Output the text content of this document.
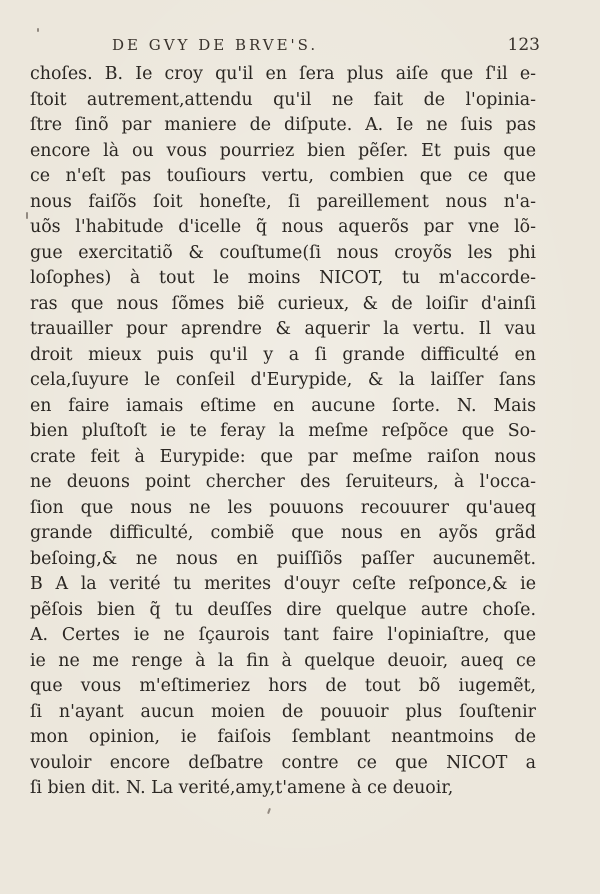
DE GVY DE BRVE'S.	123
choſes. B. Ie croy qu'il en ſera plus aiſe que ſ'il e-
ſtoit autrement,attendu qu'il ne fait de l'opinia-
ſtre ſinõ par maniere de diſpute. A. Ie ne ſuis pas
encore là ou vous pourriez bien pẽſer. Et puis que
ce n'eſt pas touſiours vertu, combien que ce que
nous faiſõs ſoit honeſte, ſi pareillement nous n'a-
uõs l'habitude d'icelle q̃ nous aquerõs par vne lõ-
gue exercitatiõ & couſtume(ſi nous croyõs les phi
loſophes) à tout le moins NICOT, tu m'accorde-
ras que nous ſõmes biẽ curieux, & de loiſir d'ainſi
trauailler pour aprendre & aquerir la vertu. Il vau
droit mieux puis qu'il y a ſi grande difficulté en
cela,ſuyure le conſeil d'Eurypide, & la laiſſer ſans
en faire iamais eſtime en aucune ſorte. N. Mais
bien pluſtoſt ie te feray la meſme reſpõce que So-
crate feit à Eurypide: que par meſme raiſon nous
ne deuons point chercher des ſeruiteurs, à l'occa-
ſion que nous ne les pouuons recouurer qu'aueq
grande difficulté, combiẽ que nous en ayõs grãd
beſoing,& ne nous en puiſſiõs paſſer aucunemẽt.
B A la verité tu merites d'ouyr ceſte reſponce,& ie
pẽſois bien q̃ tu deuſſes dire quelque autre choſe.
A. Certes ie ne ſçaurois tant faire l'opiniaſtre, que
ie ne me renge à la fin à quelque deuoir, aueq ce
que vous m'eſtimeriez hors de tout bõ iugemẽt,
ſi n'ayant aucun moien de pouuoir plus ſouſtenir
mon opinion, ie faiſois ſemblant neantmoins de
vouloir encore deſbatre contre ce que NICOT a
ſi bien dit. N. La verité,amy,t'amene à ce deuoir,
